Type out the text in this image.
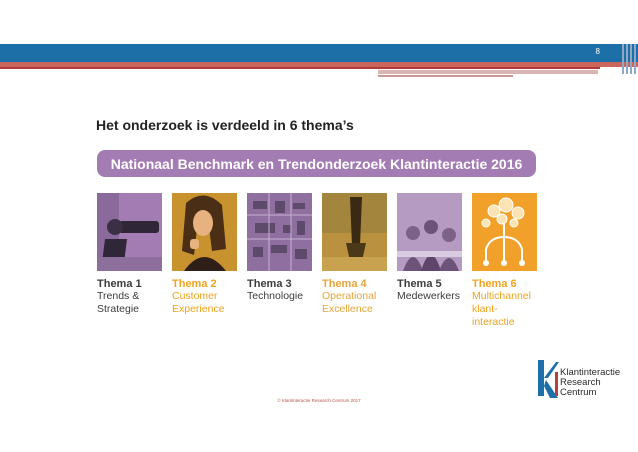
8
Het onderzoek is verdeeld in 6 thema’s
Nationaal Benchmark en Trendonderzoek Klantinteractie 2016
Thema 1
Trends &
Strategie
Thema 2
Customer
Experience
Thema 3
Technologie
Thema 4
Operational
Excellence
Thema 5
Medewerkers
Thema 6
Multichannel
klant-
interactie
© Klantinteractie Research Centrum 2017
Klantinteractie
Research
Centrum
